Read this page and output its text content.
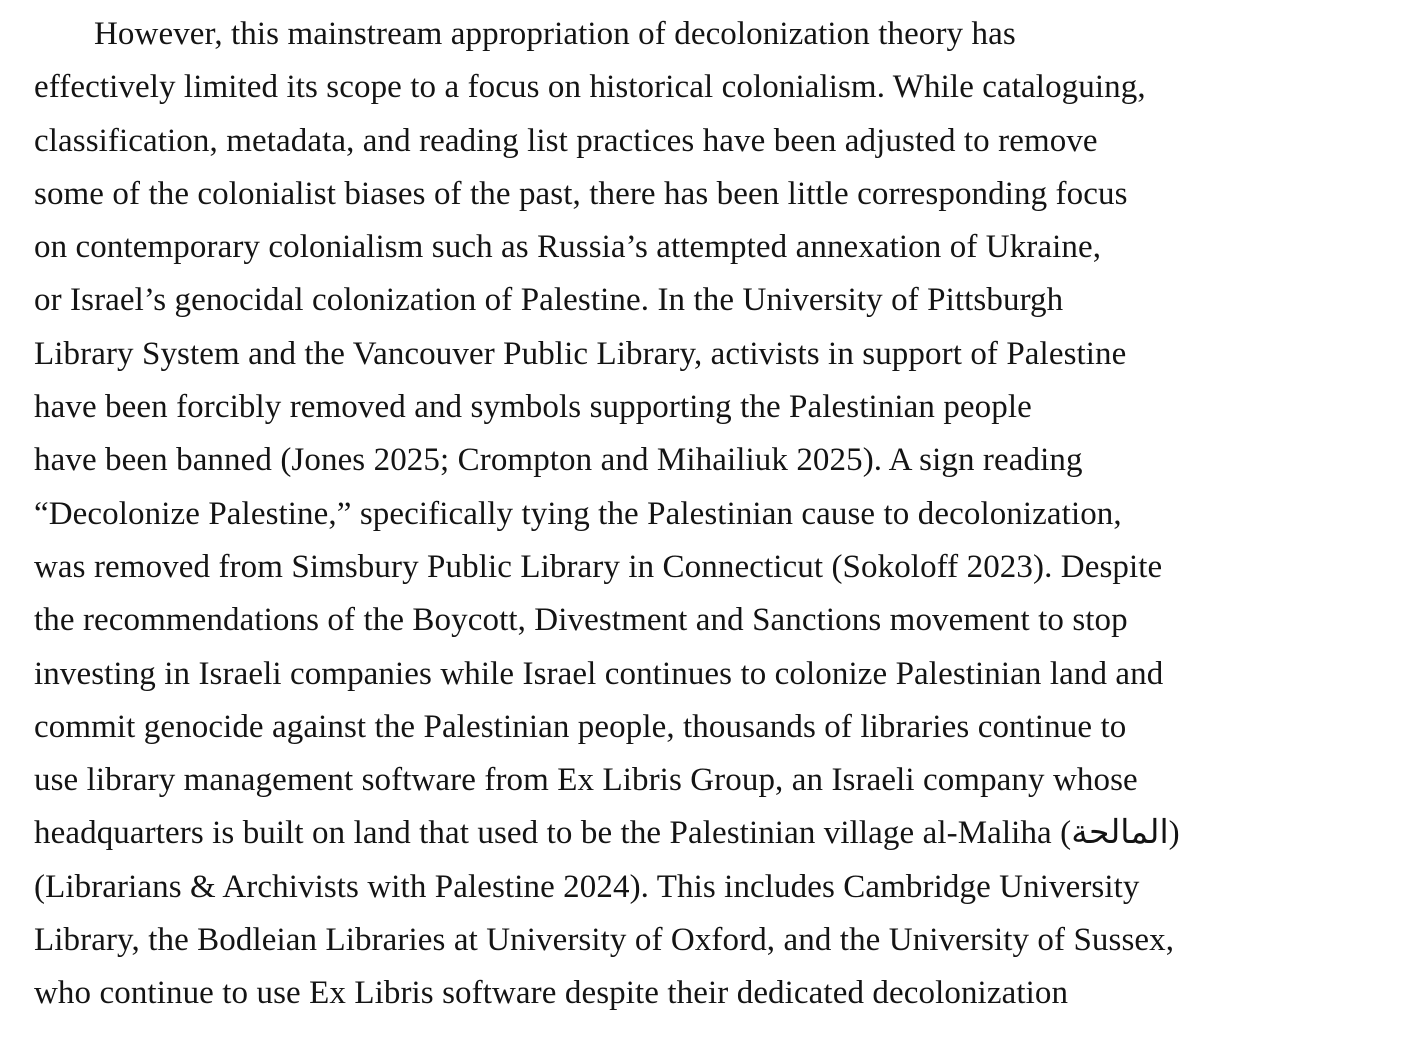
However, this mainstream appropriation of decolonization theory has
effectively limited its scope to a focus on historical colonialism. While cataloguing,
classification, metadata, and reading list practices have been adjusted to remove
some of the colonialist biases of the past, there has been little corresponding focus
on contemporary colonialism such as Russia’s attempted annexation of Ukraine,
or Israel’s genocidal colonization of Palestine. In the University of Pittsburgh
Library System and the Vancouver Public Library, activists in support of Palestine
have been forcibly removed and symbols supporting the Palestinian people
have been banned (Jones 2025; Crompton and Mihailiuk 2025). A sign reading
“Decolonize Palestine,” specifically tying the Palestinian cause to decolonization,
was removed from Simsbury Public Library in Connecticut (Sokoloff 2023). Despite
the recommendations of the Boycott, Divestment and Sanctions movement to stop
investing in Israeli companies while Israel continues to colonize Palestinian land and
commit genocide against the Palestinian people, thousands of libraries continue to
use library management software from Ex Libris Group, an Israeli company whose
headquarters is built on land that used to be the Palestinian village al-Maliha (المالحة)
(Librarians & Archivists with Palestine 2024). This includes Cambridge University
Library, the Bodleian Libraries at University of Oxford, and the University of Sussex,
who continue to use Ex Libris software despite their dedicated decolonization
